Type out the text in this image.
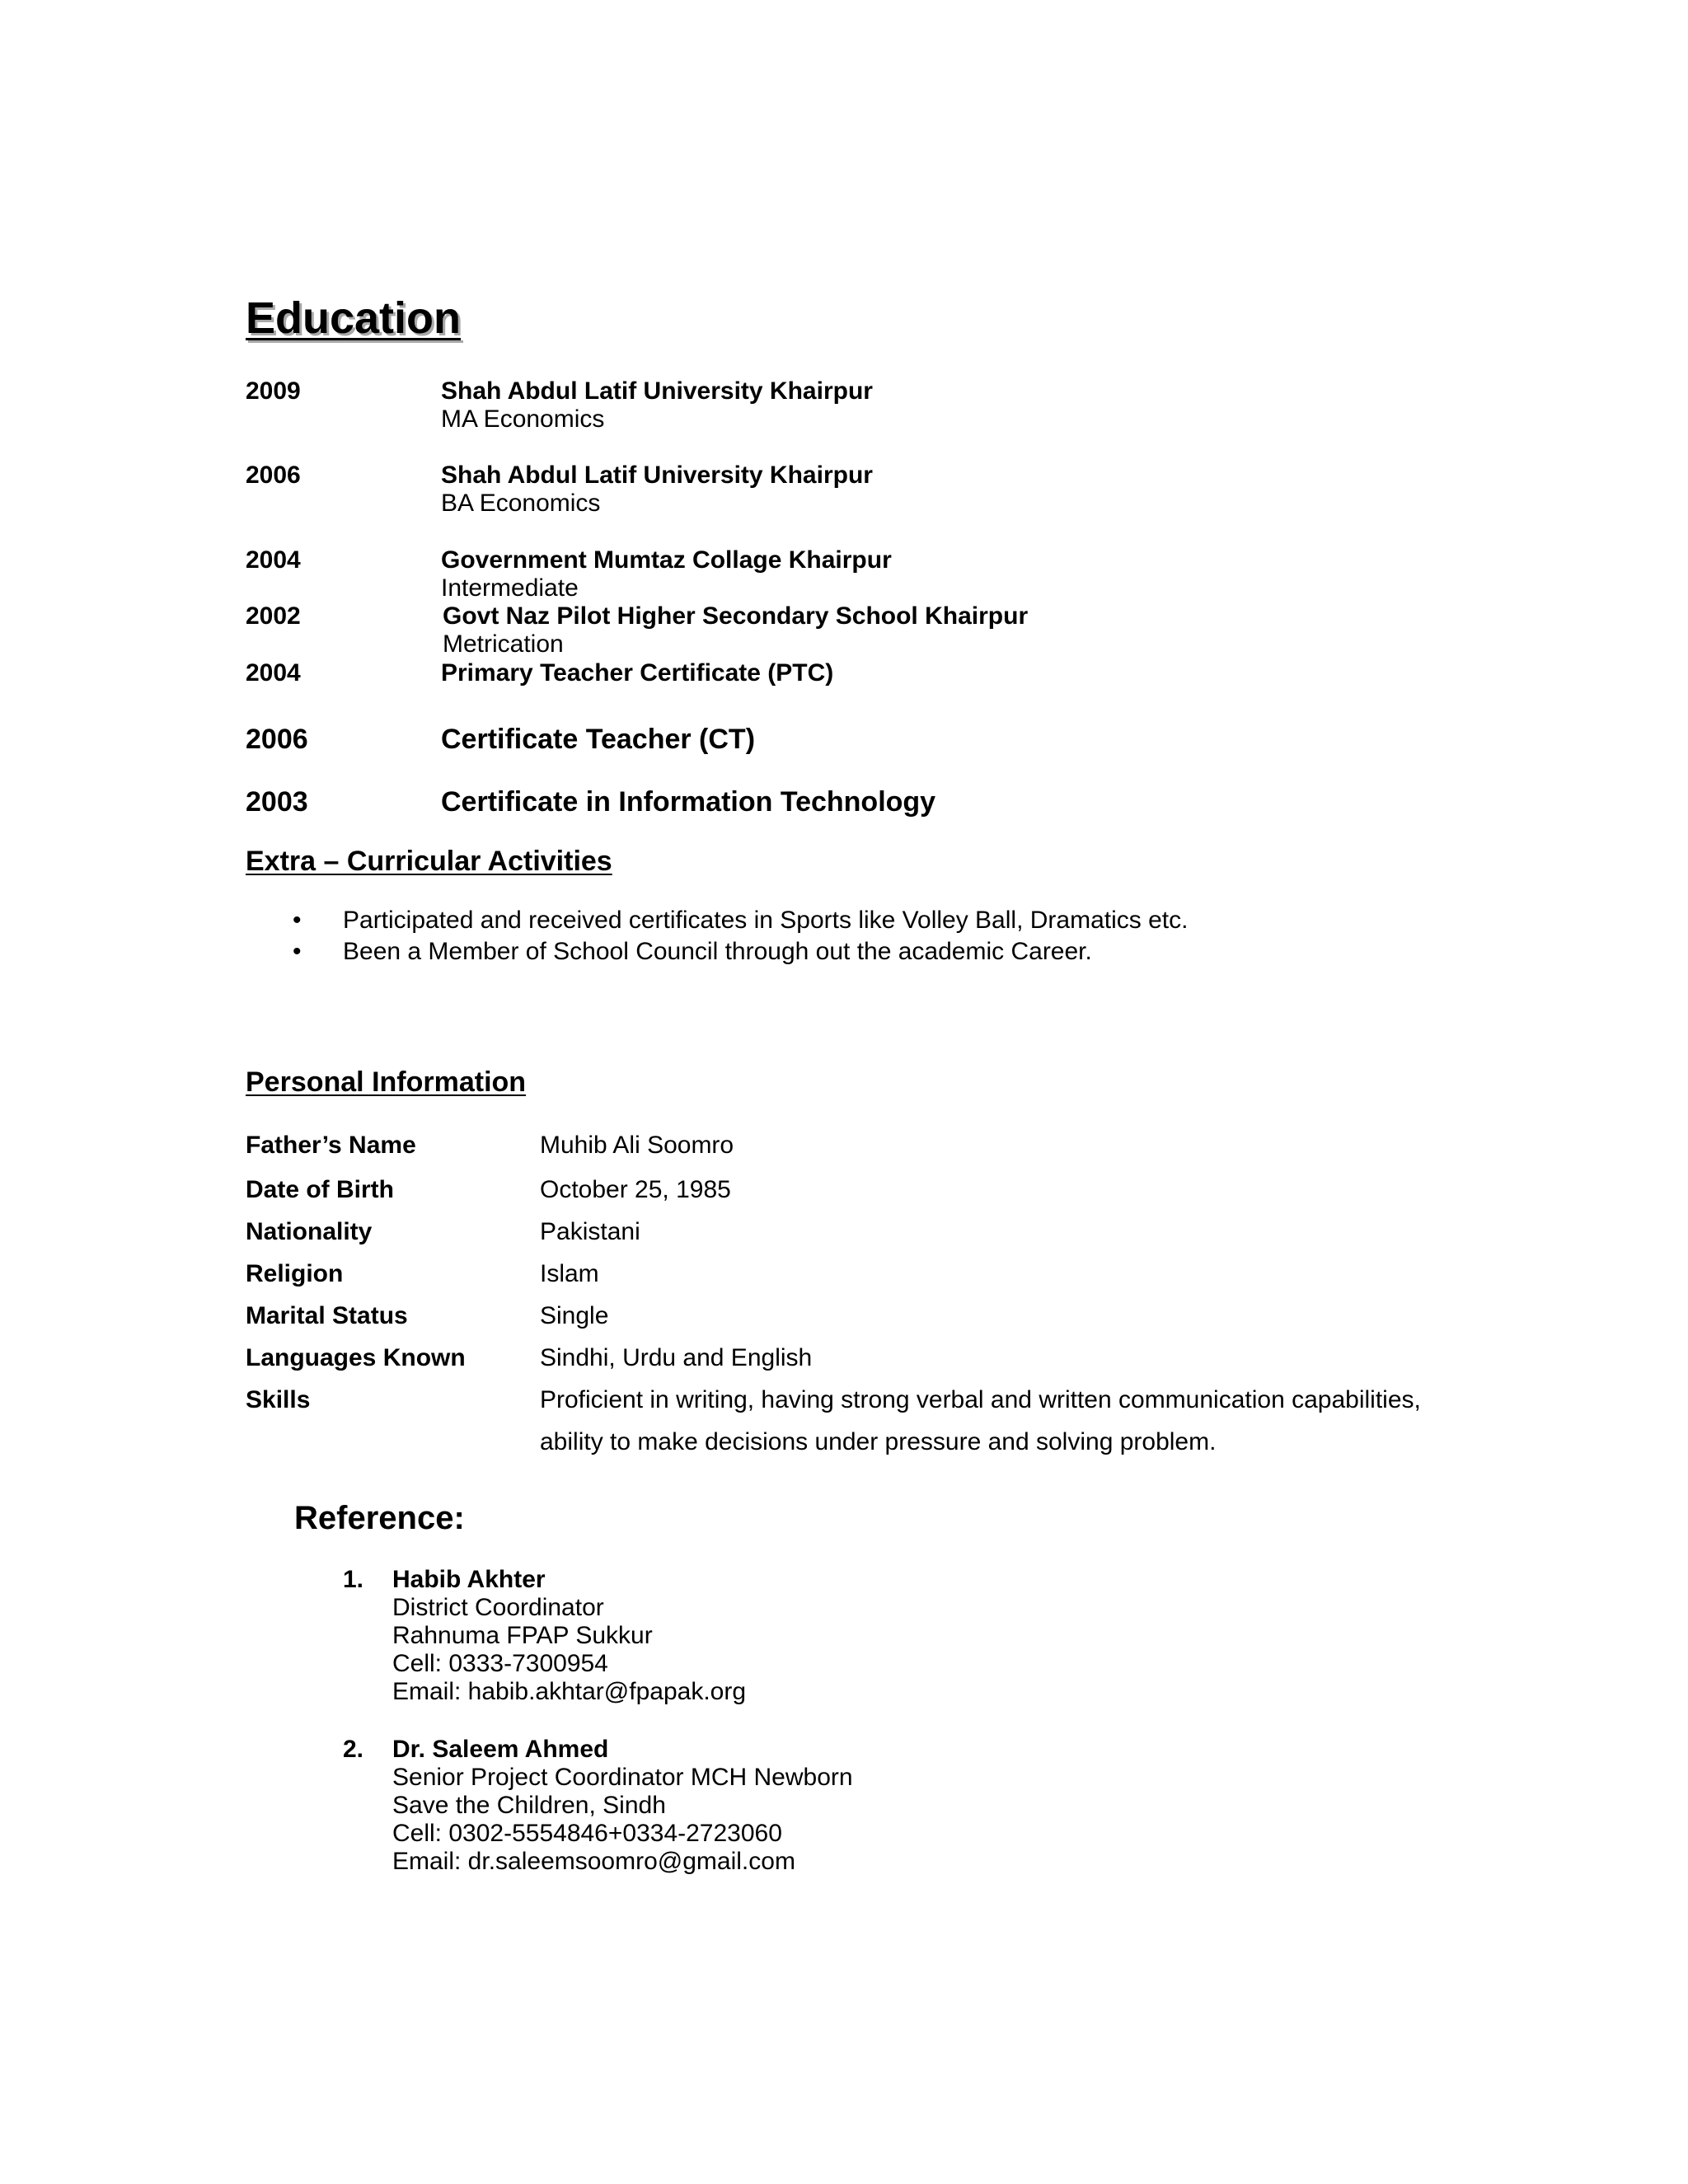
Education
2009	Shah Abdul Latif University Khairpur
MA Economics
2006	Shah Abdul Latif University Khairpur
BA Economics
2004	Government Mumtaz Collage Khairpur
Intermediate
2002	Govt Naz Pilot Higher Secondary School Khairpur
Metrication
2004	Primary Teacher Certificate (PTC)
2006	Certificate Teacher (CT)
2003	Certificate in Information Technology
Extra – Curricular Activities
• Participated and received certificates in Sports like Volley Ball, Dramatics etc.
• Been a Member of School Council through out the academic Career.
Personal Information
Father’s Name	Muhib Ali Soomro
Date of Birth	October 25, 1985
Nationality	Pakistani
Religion	Islam
Marital Status	Single
Languages Known	Sindhi, Urdu and English
Skills	Proficient in writing, having strong verbal and written communication capabilities,
ability to make decisions under pressure and solving problem.
Reference:
1. Habib Akhter
District Coordinator
Rahnuma FPAP Sukkur
Cell: 0333-7300954
Email: habib.akhtar@fpapak.org
2. Dr. Saleem Ahmed
Senior Project Coordinator MCH Newborn
Save the Children, Sindh
Cell: 0302-5554846+0334-2723060
Email: dr.saleemsoomro@gmail.com
